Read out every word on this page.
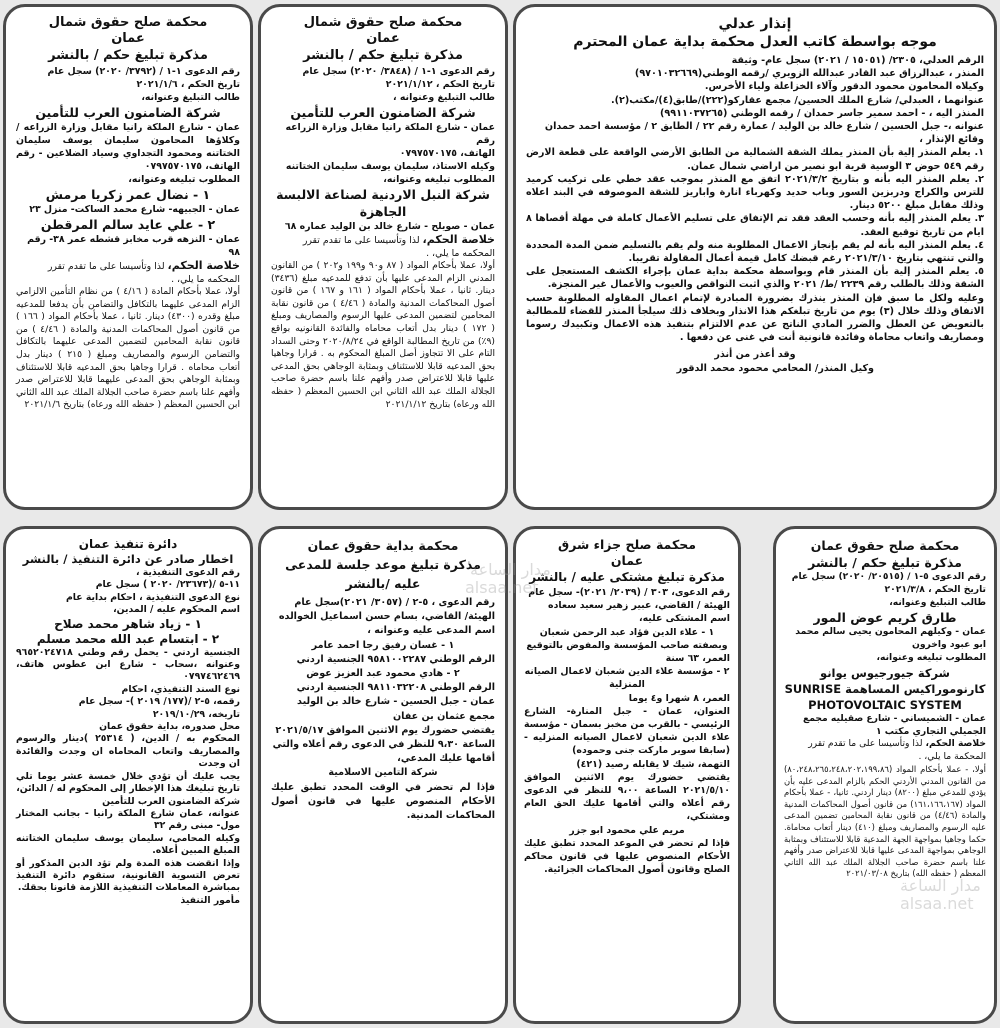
إنذار عدلي

موجه بواسطة كاتب العدل محكمة بداية عمان المحترم

الرقم العدلي، ٢٣٠٥/ (١٥٠٥١ / ٢٠٢١) سجل عام- وثيقة

المنذر ، عبدالرزاق عبد القادر عبدالله الزويري /رقمه الوطني(٩٧٠١٠٣٢٦٦٩)

وكيلاه المحامون محمود الدقور وآلاء الخزاعلة ولياء الأخرس.

عنوانهما ، العبدلي/ شارع الملك الحسين/ مجمع عقاركو(٢٢٢)/طابق(٤)/مكتب(٢).

المنذر اليه ، - احمد سمير جاسر حمدان / رقمه الوطني (٩٩١١٠٣٧٢٦٥)

عنوانه ،- جبل الحسين / شارع خالد بن الوليد / عمارة رقم ٢٢ / الطابق ٢ / مؤسسة احمد حمدان

وقائع الإنذار ،

١. يعلم المنذر إلية بأن المنذر يملك الشقة الشمالية من الطابق الأرضي الواقعة على قطعة الارض رقم ٥٤٩ حوض ٣ الوسية قرية ابو نصير من اراضي شمال عمان.

٢. يعلم المنذر اليه بأنه و بتاريخ ٢٠٢١/٣/٢ اتفق مع المنذر بموجب عقد خطي على تركيب كرميد للترس والكراج ودربزين السور وباب حديد وكهرباء انارة واباريز للشقة الموصوفه في البند اعلاه وذلك مقابل مبلغ ٥٢٠٠ دينار.

٣. يعلم المنذر إليه بأنه وحسب العقد فقد تم الإتفاق على تسليم الأعمال كاملة في مهلة أقصاها ٨ ايام من تاريخ توقيع العقد.

٤. يعلم المنذر اليه بأنه لم يقم بإنجاز الاعمال المطلوبة منه ولم يقم بالتسليم ضمن المدة المحددة والتي تنتهي بتاريخ ٢٠٢١/٣/١٠ رغم قبضك كامل قيمة أعمال المقاولة تقريبا.

٥. يعلم المنذر إلية بأن المنذر قام وبواسطة محكمة بداية عمان بإجراء الكشف المستعجل على الشقة وذلك بالطلب رقم ٢٢٣٩ /ط/ ٢٠٢١ والذي اثبت النواقص والعيوب والأعمال غير المنجزة.

وعليه ولكل ما سبق فإن المنذر ينذرك بضرورة المبادرة لإتمام اعمال المقاوله المطلوبة حسب الاتفاق وذلك خلال (٣) يوم من تاريخ تبلغكم هذا الانذار وبخلاف ذلك سيلجأ المنذر للقضاء للمطالبة بالتعويض عن العطل والضرر المادي الناتج عن عدم الالتزام بتنفيذ هذه الاعمال وتكبيدك رسوما ومصاريف واتعاب محاماة وفائدة قانونية أنت في غنى عن دفعها .

وقد أعذر من أنذر

وكيل المنذر/ المحامي محمود محمد الدقور

محكمة صلح حقوق شمال

عمان

مذكرة تبليغ حكم / بالنشر

رقم الدعوى ١-١ / (٣٨٤٨/ ٢٠٢٠) سجل عام

تاريخ الحكم ، ٢٠٢١/١/١٢

طالب التبليغ وعنوانه ،

شركة الضامنون العرب للتأمين

عمان - شارع الملكة رانيا مقابل وزارة الزراعه رقم

الهاتف، ٠٧٩٧٥٧٠١٧٥

وكيله الاستاذ، سليمان يوسف سليمان الختاتنه

المطلوب تبليغه وعنوانه،

شركة النبل الاردنية لصناعة الالبسة الجاهزة

عمان - صويلح - شارع خالد بن الوليد عماره ٦٨

خلاصة الحكم، لذا وتأسيسا على ما تقدم تقرر المحكمه ما يلي، .

أولا، عملا بأحكام المواد ( ٨٧ و٩٠ و١٩٩ و٢٠٢ ) من القانون المدني الزام المدعى عليها بأن تدفع للمدعيه مبلغ (٣٤٣٦) دينار. ثانيا ، عملا بأحكام المواد ( ١٦١ و ١٦٧ ) من قانون أصول المحاكمات المدنية والمادة ( ٤/٤٦ ) من قانون نقابة المحامين لتضمين المدعى عليها الرسوم والمصاريف ومبلغ ( ١٧٢ ) دينار بدل أتعاب محاماه والفائدة القانونيه بواقع (٩٪) من تاريخ المطالبة الواقع في ٢٠٢٠/٨/٢٤ وحتى السداد التام على الا تتجاوز أصل المبلغ المحكوم به . قرارا وجاهيا بحق المدعيه قابلا للاستئناف وبمثابة الوجاهي بحق المدعى عليها قابلا للاعتراض صدر وأفهم علنا باسم حضرة صاحب الجلالة الملك عبد الله الثاني ابن الحسين المعظم ( حفظه الله ورعاه) بتاريخ ٢٠٢١/١/١٢

محكمة صلح حقوق شمال

عمان

مذكرة تبليغ حكم / بالنشر

رقم الدعوى ١-١ / (٣٧٩٢/ ٢٠٢٠) سجل عام

تاريخ الحكم ، ٢٠٢١/١/٦

طالب التبليغ وعنوانه،

شركة الضامنون العرب للتأمين

عمان - شارع الملكة رانيا مقابل وزارة الزراعه / وكلاؤها المحامون سليمان يوسف سليمان الختاتنه ومحمود التجداوي وسياد الضلاعين - رقم الهاتف، ٠٧٩٧٥٧٠١٧٥

المطلوب تبليغه وعنوانه،

١ - نضال عمر زكريا مرمش

عمان - الجبيهه- شارع محمد الساكت- منزل ٢٣

٢ - علي عايد سالم المرقطن

عمان - النزهه قرب مخابز قشطه عمر ٣٨- رقم ٩٨

خلاصة الحكم، لذا وتأسيسا على ما تقدم تقرر المحكمه ما يلي، .

أولا، عملا بأحكام المادة ( ٤/١٦ ) من نظام التأمين الالزامي الزام المدعى عليهما بالتكافل والتضامن بأن يدفعا للمدعيه مبلغ وقدره (٤٣٠٠) دينار. ثانيا ، عملا بأحكام المواد ( ١٦٦ ) من قانون أصول المحاكمات المدنية والمادة ( ٤/٤٦ ) من قانون نقابة المحامين لتضمين المدعى عليهما بالتكافل والتضامن الرسوم والمصاريف ومبلغ ( ٢١٥ ) دينار بدل أتعاب محاماه . قرارا وجاهيا بحق المدعيه قابلا للاستئناف وبمثابة الوجاهي بحق المدعى عليهما قابلا للاعتراض صدر وأفهم علنا باسم حضرة صاحب الجلالة الملك عبد الله الثاني ابن الحسين المعظم ( حفظه الله ورعاه) بتاريخ ٢٠٢١/١/٦

محكمة صلح حقوق عمان

مذكرة تبليغ حكم / بالنشر

رقم الدعوى ٥-١ / (٢٠٥١٥/ ٢٠٢٠) سجل عام

تاريخ الحكم ، ٢٠٢١/٣/٨

طالب التبليغ وعنوانه،

طارق كريم عوض المور

عمان - وكيلهم المحامون يحيى سالم محمد ابو عبود واخرون

المطلوب تبليغه وعنوانه،

شركة جيورجيوس يوانو كارنوموراكيس المساهمة SUNRISE PHOTOVOLTAIC SYSTEM

عمان - الشميساني - شارع صقيليه مجمع الجميلي التجاري مكتب ١

خلاصة الحكم، لذا وتأسيسا على ما تقدم تقرر المحكمة ما يلي، .

أولا، - عملا بأحكام المواد (٨٠،٢٤٨،٢٦٥،٢٤٨،٢٠٢،١٩٩،٨٦) من القانون المدني الأردني الحكم بالزام المدعى عليه بأن يؤدي للمدعي مبلغ (٨٢٠٠) دينار اردني. ثانيا، - عملا بأحكام المواد (١٦١،١٦٦،١٦٧) من قانون أصول المحاكمات المدنية والمادة (٤/٤٦) من قانون نقابة المحامين تضمين المدعى عليه الرسوم والمصاريف ومبلغ (٤١٠) دينار أتعاب محاماة. حكما وجاهيا بمواجهة الجهة المدعية قابلا للاستئناف وبمثابة الوجاهي بمواجهة المدعى عليها قابلا للاعتراض صدر وأفهم علنا باسم حضرة صاحب الجلالة الملك عبد الله الثاني المعظم ( حفظه الله) بتاريخ ٢٠٢١/٠٣/٠٨

محكمة صلح جزاء شرق

عمان

مذكرة تبليغ مشتكى عليه / بالنشر

رقم الدعوى، ٣٠٣ / (٢٠٣٩/ ٢٠٢١)- سجل عام

الهيئة / القاضي، عبير زهير سعيد سعاده

اسم المشتكى عليه،

١ - علاء الدين فؤاد عبد الرحمن شعبان وبصفته صاحب المؤسسة والمفوض بالتوقيع

العمر، ٦٣ سنة

٢ - مؤسسة علاء الدين شعبان لاعمال الصيانه المنزلية

العمر، ٨ شهرا و٤ يوما

العنوان، عمان - جبل المنارة- الشارع الرئيسي - بالقرب من مخبز بسمان - مؤسسة علاء الدين شعبان لاعمال الصيانه المنزليه - (سابقا سوبر ماركت جنى وحموده)

التهمة، شيك لا يقابله رصيد (٤٢١)

يقتضي حضورك يوم الاثنين الموافق ٢٠٢١/٥/١٠ الساعة ٩،٠٠ للنظر في الدعوى رقم أعلاه والتي أقامها عليك الحق العام ومشتكي،

مريم علي محمود ابو جزر

فإذا لم تحضر في الموعد المحدد تطبق عليك الأحكام المنصوص عليها في قانون محاكم الصلح وقانون أصول المحاكمات الجزائية.

محكمة بداية حقوق عمان

مذكرة تبليغ موعد جلسة للمدعى عليه /بالنشر

رقم الدعوى ، ٥-٢ / (٣٠٥٧/ ٢٠٢١)سجل عام

الهيئة/ القاضي، بسام حسن اسماعيل الخوالده

اسم المدعى عليه وعنوانه ،

١ - غسان رفيق رجا احمد عامر

الرقم الوطني ٩٥٨١٠٠٢٢٨٧ الجنسية اردني

٢ - هادي محمود عبد العزيز عوض

الرقم الوطني ٩٨١١٠٣٢٢٠٨ الجنسية اردني

عمان - جبل الحسين - شارع خالد بن الوليد مجمع عثمان بن عفان

يقتضي حضورك يوم الاثنين الموافق ٢٠٢١/٥/١٧ الساعة ٩،٣٠ للنظر في الدعوى رقم أعلاه والتي أقامها عليك المدعي،

شركة التامين الاسلامية

فإذا لم تحضر في الوقت المحدد تطبق عليك الأحكام المنصوص عليها في قانون أصول المحاكمات المدنية.

دائرة تنفيذ عمان

اخطار صادر عن دائرة التنفيذ / بالنشر

رقم الدعوى التنفيذية ،

١١-٥ /(٢٣٦٧٣/ ٢٠٢٠ ) سجل عام

نوع الدعوى التنفيذية ، احكام بداية عام

اسم المحكوم عليه / المدين،

١ - زياد شاهر محمد صلاح

٢ - ابتسام عبد الله محمد مسلم

الجنسية اردني - يحمل رقم وطني ٩٦٥٢٠٢٤٧١٨ وعنوانه ،سحاب - شارع ابن عطوس هاتف، ٠٧٩٧٤٦٢٤٦٩

نوع السند التنفيذي، احكام

رقمه، ٥-٢ /(١٧٧/ ٢٠١٩ )- سجل عام

تاريخه، ٢٠١٩/١٠/٢٩

محل صدوره، بداية حقوق عمان

المحكوم به / الدين، ( ٢٥٣١٤ )دينار والرسوم والمصاريف واتعاب المحاماه ان وجدت والفائدة ان وجدت

يجب عليك أن تؤدي خلال خمسة عشر يوما تلي تاريخ تبليغك هذا الإخطار إلى المحكوم له / الدائن،

شركة الضامنون العرب للتأمين

عنوانه، عمان شارع الملكة رانيا - بجانب المختار مول- مبنى رقم ٣٢

وكيله المحامي، سليمان يوسف سليمان الختاتنه المبلغ المبين أعلاه.

وإذا انقضت هذه المدة ولم تؤد الدين المذكور أو تعرض التسوية القانونية، ستقوم دائرة التنفيذ بمباشرة المعاملات التنفيذية اللازمة قانونا بحقك.

مأمور التنفيذ

مدار الساعة
alsaa.net
مدار الساعة
alsaa.net
